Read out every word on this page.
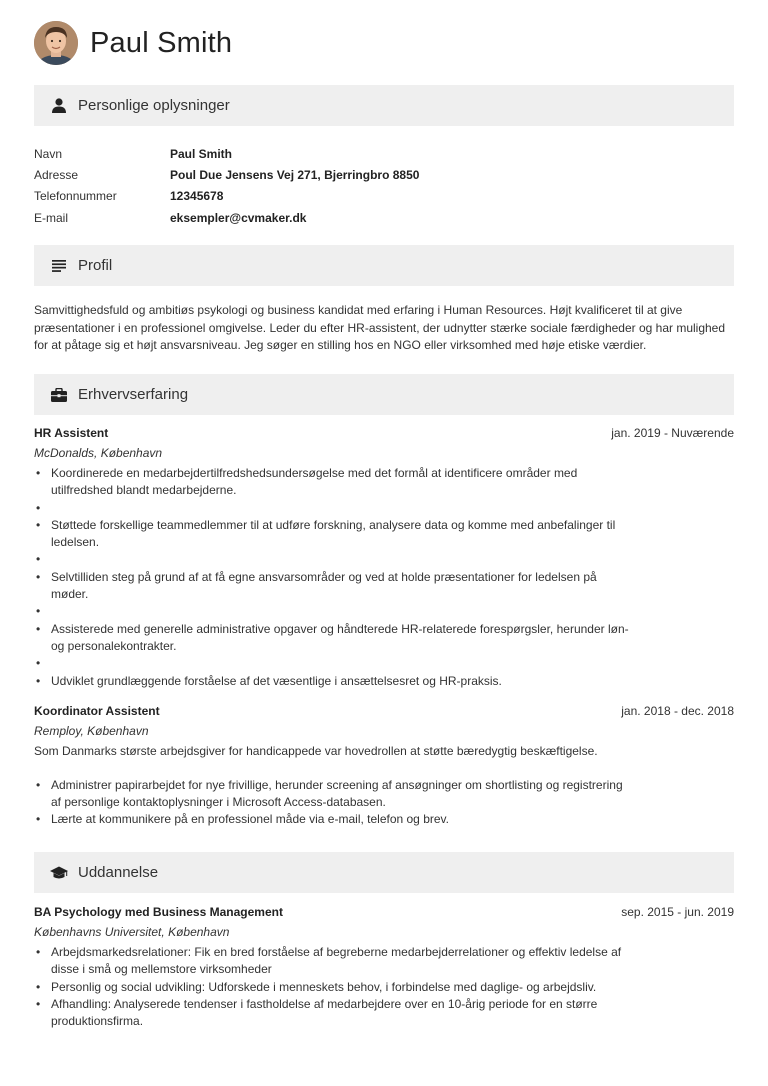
Paul Smith
Personlige oplysninger
Navn	Paul Smith
Adresse	Poul Due Jensens Vej 271, Bjerringbro 8850
Telefonnummer	12345678
E-mail	eksempler@cvmaker.dk
Profil
Samvittighedsfuld og ambitiøs psykologi og business kandidat med erfaring i Human Resources. Højt kvalificeret til at give præsentationer i en professionel omgivelse. Leder du efter HR-assistent, der udnytter stærke sociale færdigheder og har mulighed for at påtage sig et højt ansvarsniveau. Jeg søger en stilling hos en NGO eller virksomhed med høje etiske værdier.
Erhvervserfaring
HR Assistent	jan. 2019 - Nuværende
McDonalds, København
• Koordinerede en medarbejdertilfredshedsundersøgelse med det formål at identificere områder med utilfredshed blandt medarbejderne.
•
• Støttede forskellige teammedlemmer til at udføre forskning, analysere data og komme med anbefalinger til ledelsen.
•
• Selvtilliden steg på grund af at få egne ansvarsområder og ved at holde præsentationer for ledelsen på møder.
•
• Assisterede med generelle administrative opgaver og håndterede HR-relaterede forespørgsler, herunder løn- og personalekontrakter.
•
• Udviklet grundlæggende forståelse af det væsentlige i ansættelsesret og HR-praksis.
Koordinator Assistent	jan. 2018 - dec. 2018
Remploy, København
Som Danmarks største arbejdsgiver for handicappede var hovedrollen at støtte bæredygtig beskæftigelse.
• Administrer papirarbejdet for nye frivillige, herunder screening af ansøgninger om shortlisting og registrering af personlige kontaktoplysninger i Microsoft Access-databasen.
• Lærte at kommunikere på en professionel måde via e-mail, telefon og brev.
Uddannelse
BA Psychology med Business Management	sep. 2015 - jun. 2019
Københavns Universitet, København
• Arbejdsmarkedsrelationer: Fik en bred forståelse af begreberne medarbejderrelationer og effektiv ledelse af disse i små og mellemstore virksomheder
• Personlig og social udvikling: Udforskede i menneskets behov, i forbindelse med daglige- og arbejdsliv.
• Afhandling: Analyserede tendenser i fastholdelse af medarbejdere over en 10-årig periode for en større produktionsfirma.
